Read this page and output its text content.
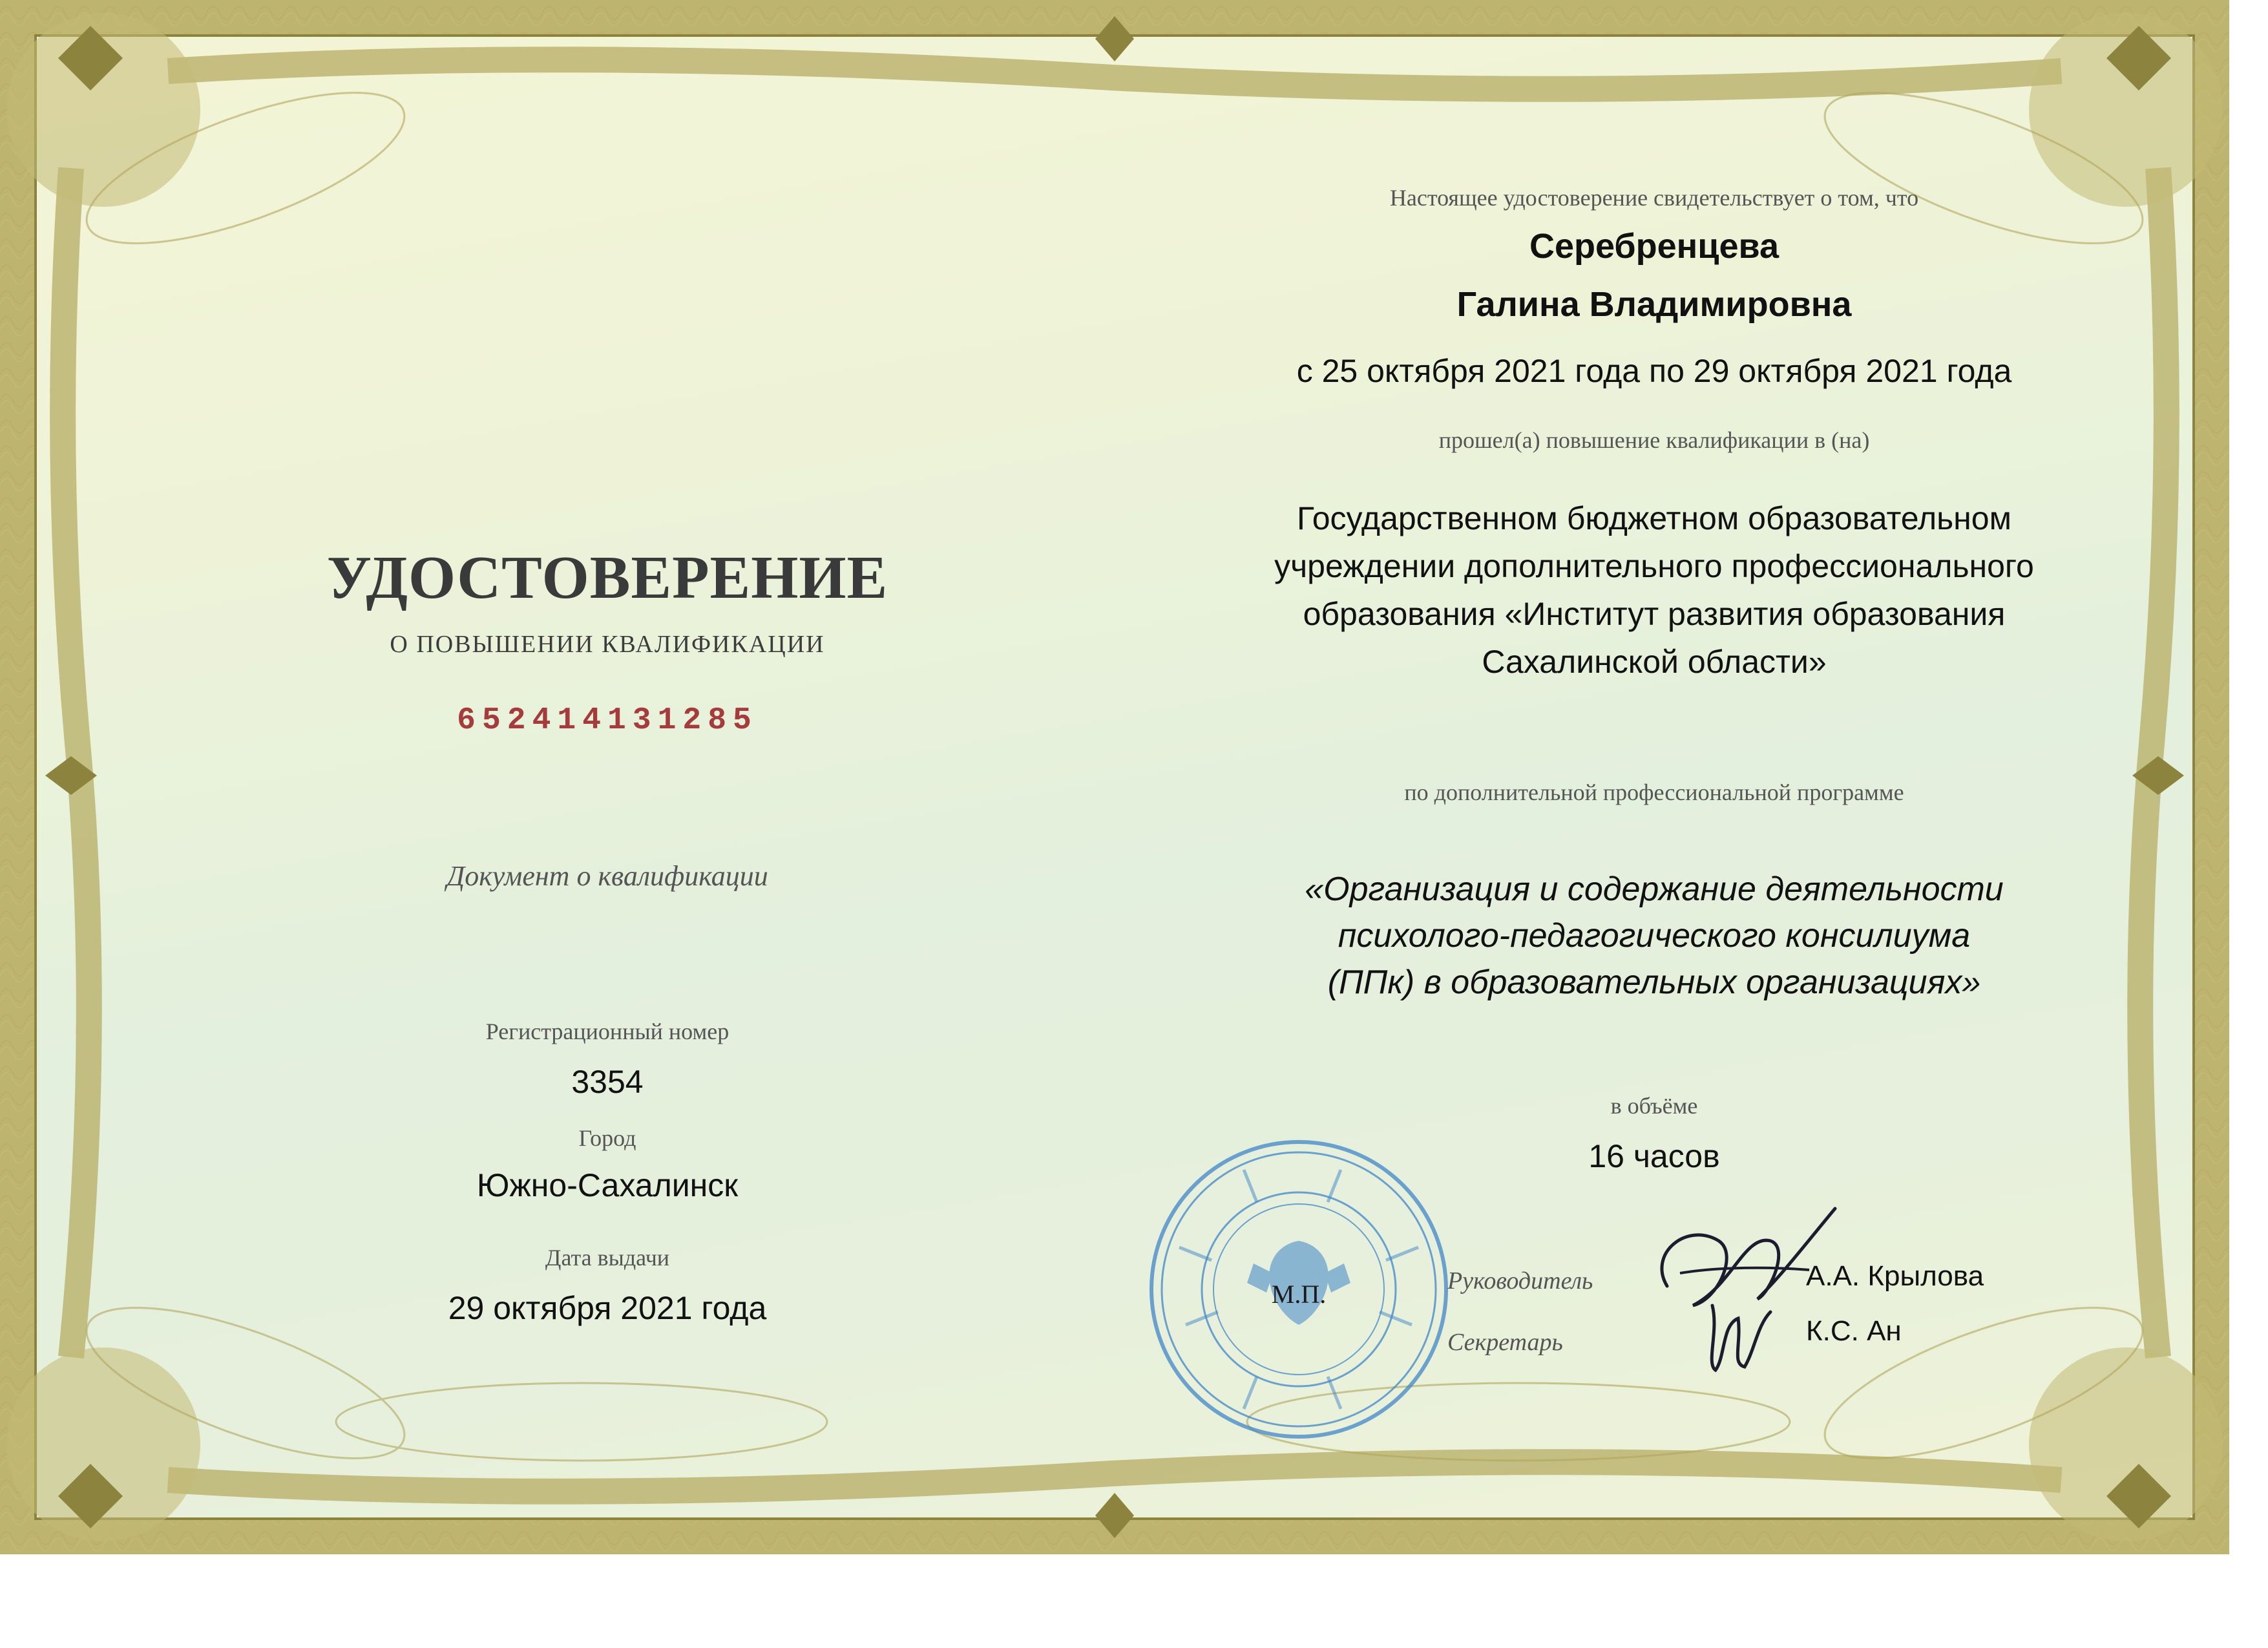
УДОСТОВЕРЕНИЕ
О ПОВЫШЕНИИ КВАЛИФИКАЦИИ
652414131285
Документ о квалификации
Регистрационный номер
3354
Город
Южно-Сахалинск
Дата выдачи
29 октября 2021 года
Настоящее удостоверение свидетельствует о том, что
Серебренцева
Галина Владимировна
с 25 октября 2021 года по 29 октября 2021 года
прошел(а) повышение квалификации в (на)
Государственном бюджетном образовательном
учреждении дополнительного профессионального
образования «Институт развития образования
Сахалинской области»
по дополнительной профессиональной программе
«Организация и содержание деятельности
психолого-педагогического консилиума
(ППк) в образовательных организациях»
в объёме
16 часов
М.П.	Руководитель	А.А. Крылова
Секретарь	К.С. Ан
